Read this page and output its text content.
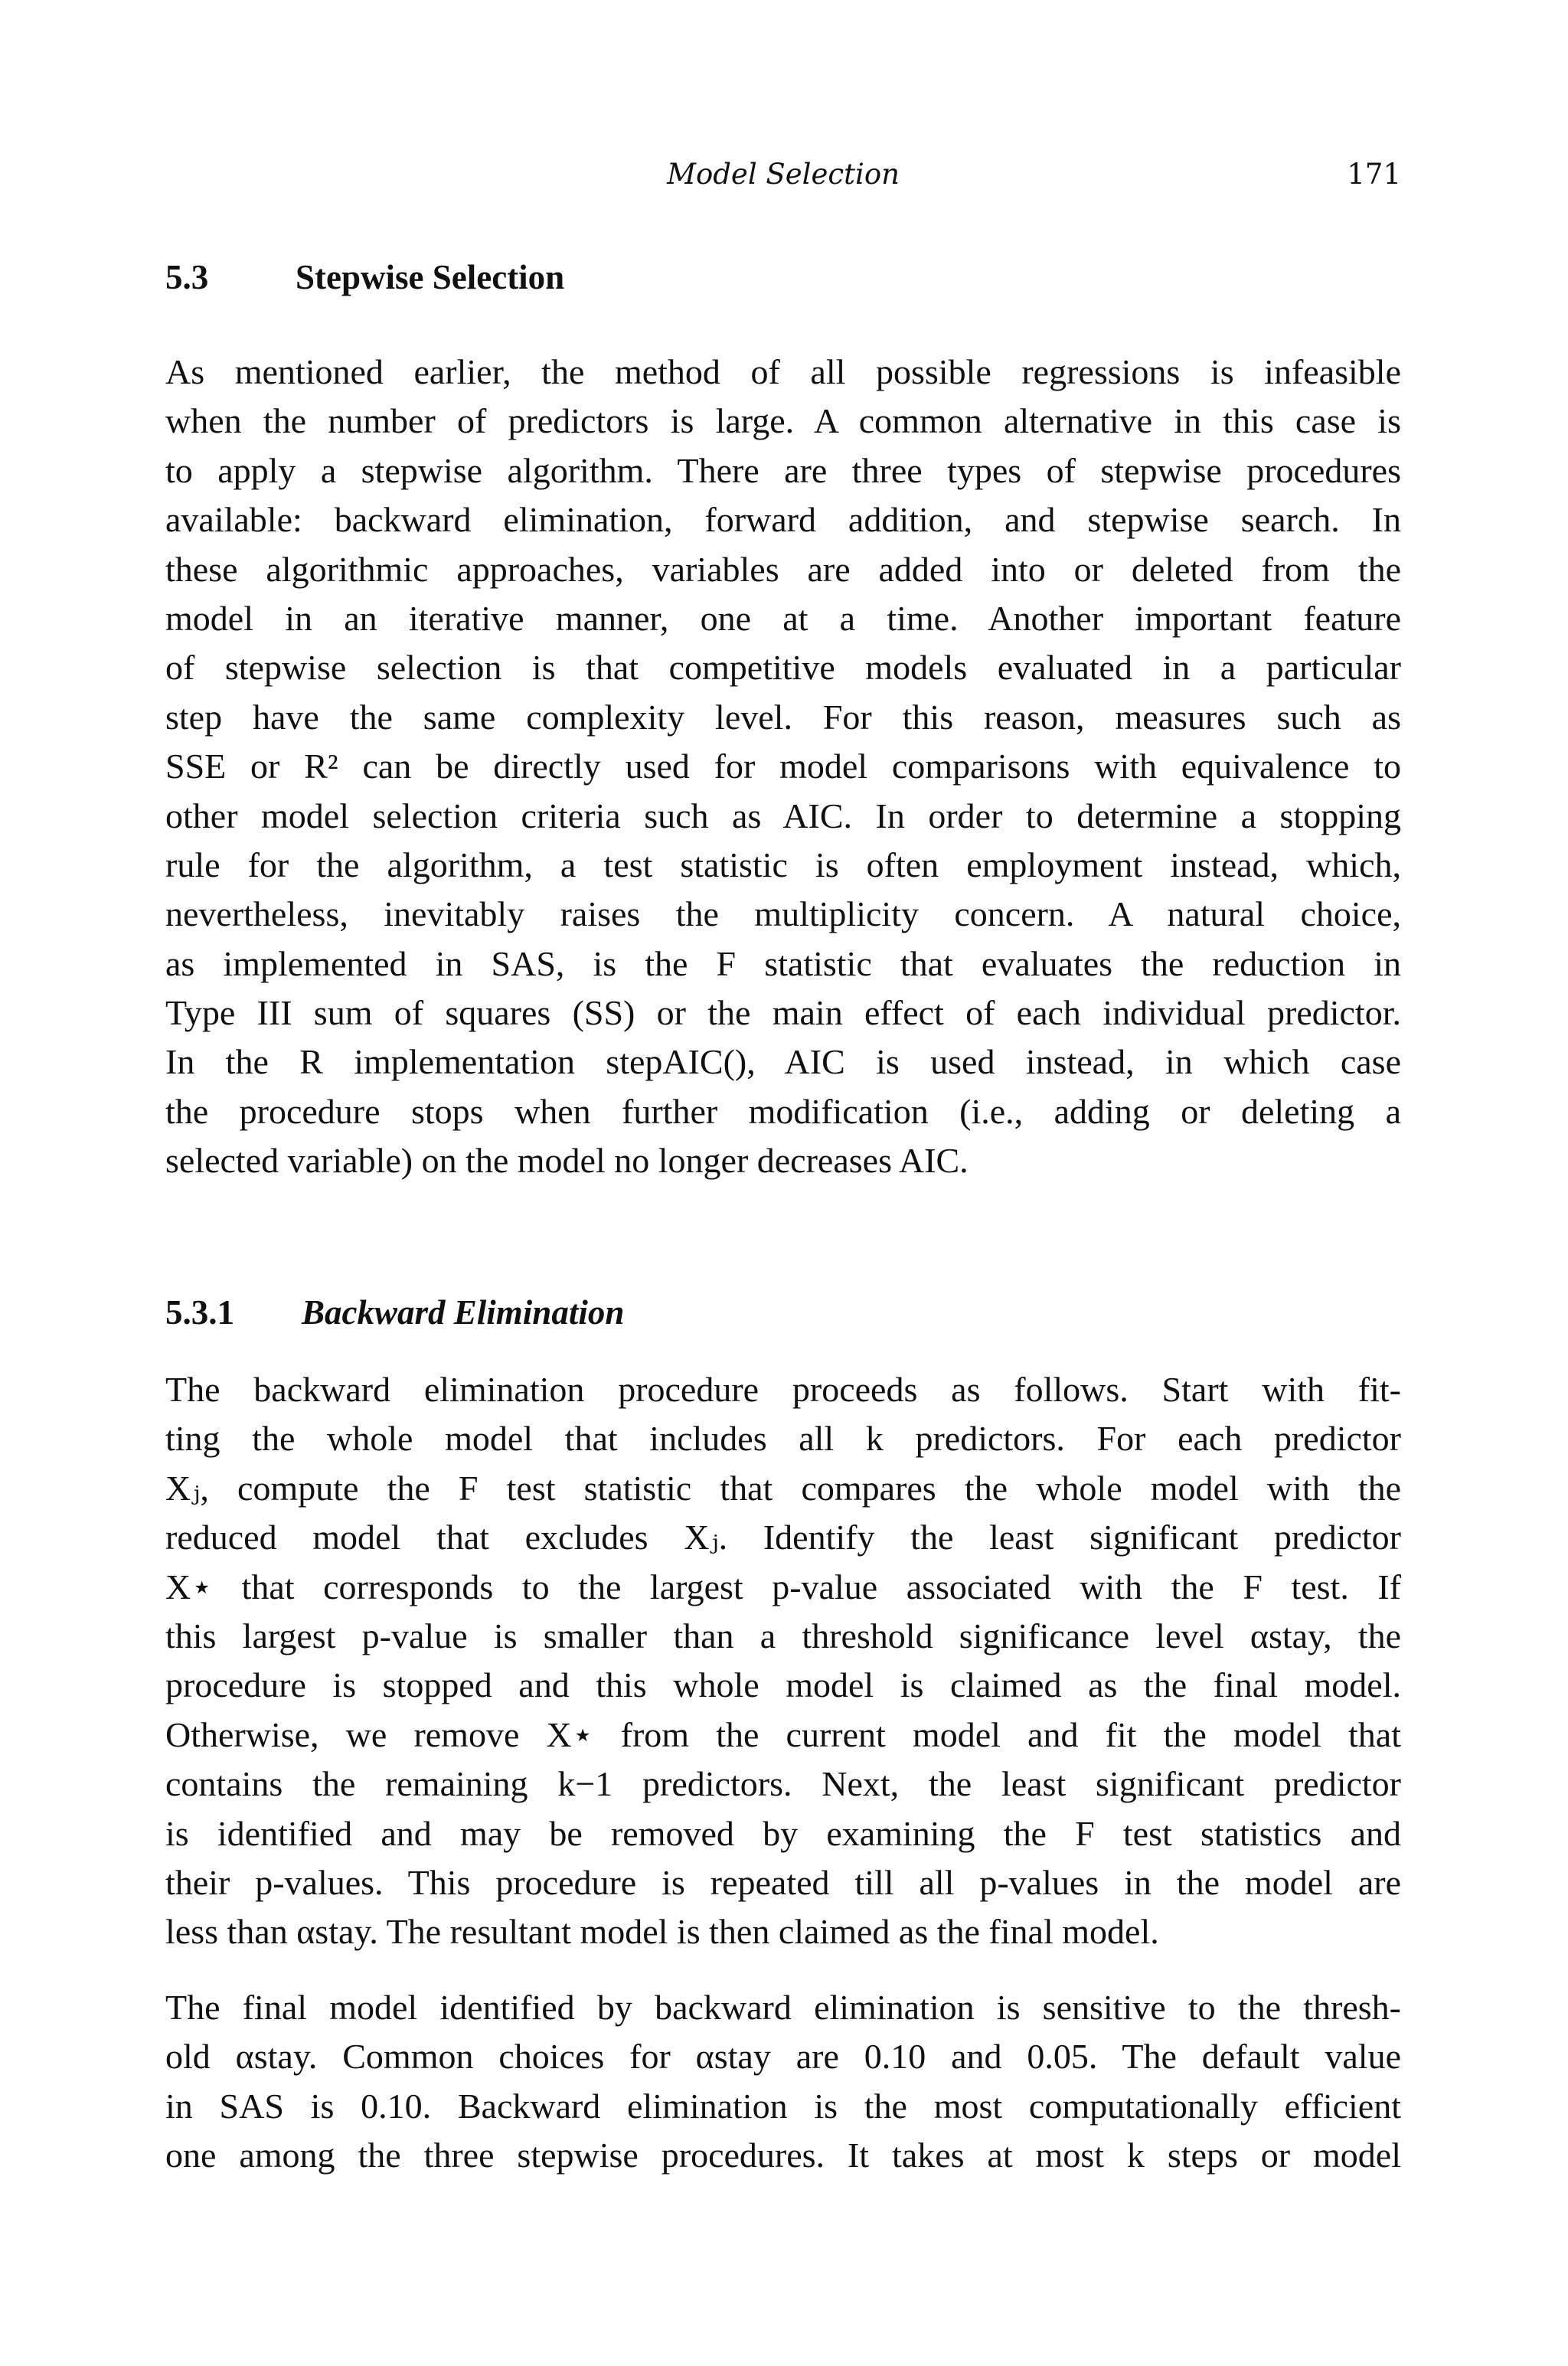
Model Selection	171
5.3	Stepwise Selection
As mentioned earlier, the method of all possible regressions is infeasible
when the number of predictors is large. A common alternative in this case is
to apply a stepwise algorithm. There are three types of stepwise procedures
available: backward elimination, forward addition, and stepwise search. In
these algorithmic approaches, variables are added into or deleted from the
model in an iterative manner, one at a time. Another important feature
of stepwise selection is that competitive models evaluated in a particular
step have the same complexity level. For this reason, measures such as
SSE or R² can be directly used for model comparisons with equivalence to
other model selection criteria such as AIC. In order to determine a stopping
rule for the algorithm, a test statistic is often employment instead, which,
nevertheless, inevitably raises the multiplicity concern. A natural choice,
as implemented in SAS, is the F statistic that evaluates the reduction in
Type III sum of squares (SS) or the main effect of each individual predictor.
In the R implementation stepAIC(), AIC is used instead, in which case
the procedure stops when further modification (i.e., adding or deleting a
selected variable) on the model no longer decreases AIC.
5.3.1 Backward Elimination
The backward elimination procedure proceeds as follows. Start with fit-
ting the whole model that includes all k predictors. For each predictor
Xⱼ, compute the F test statistic that compares the whole model with the
reduced model that excludes Xⱼ. Identify the least significant predictor
X⋆ that corresponds to the largest p-value associated with the F test. If
this largest p-value is smaller than a threshold significance level αstay, the
procedure is stopped and this whole model is claimed as the final model.
Otherwise, we remove X⋆ from the current model and fit the model that
contains the remaining k−1 predictors. Next, the least significant predictor
is identified and may be removed by examining the F test statistics and
their p-values. This procedure is repeated till all p-values in the model are
less than αstay. The resultant model is then claimed as the final model.
The final model identified by backward elimination is sensitive to the thresh-
old αstay. Common choices for αstay are 0.10 and 0.05. The default value
in SAS is 0.10. Backward elimination is the most computationally efficient
one among the three stepwise procedures. It takes at most k steps or model
